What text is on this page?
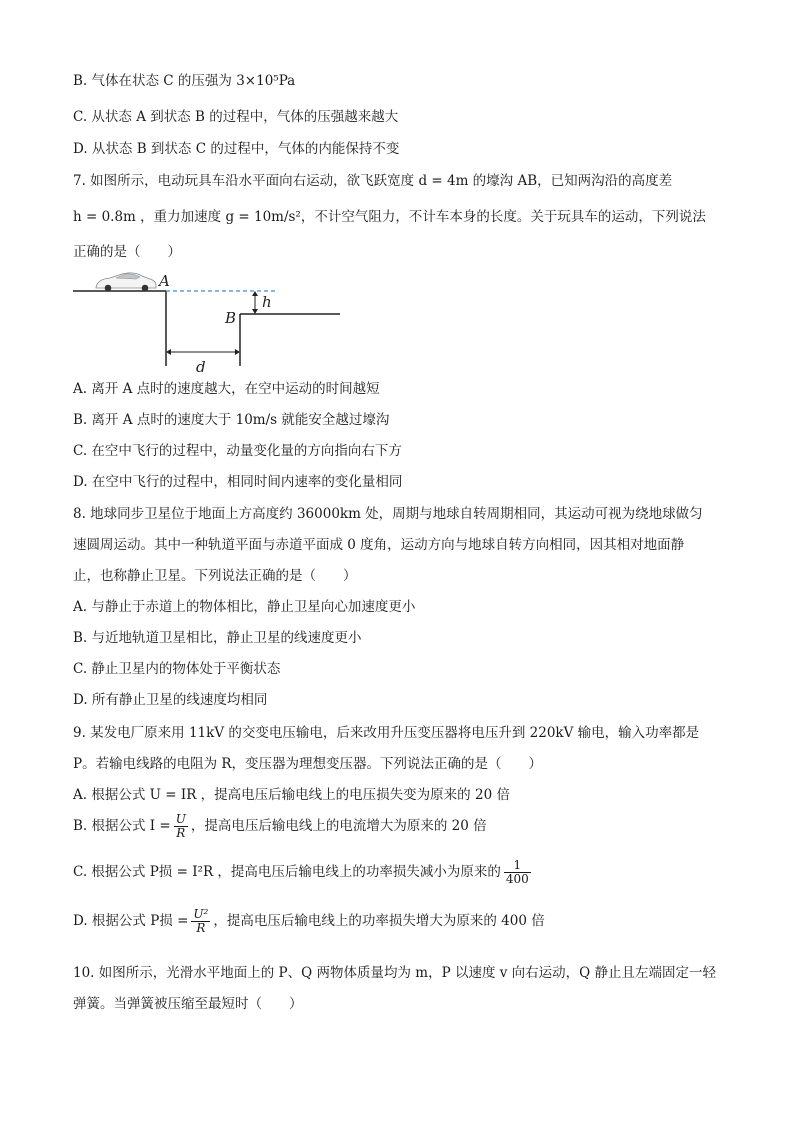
B. 气体在状态 C 的压强为 3×10⁵Pa
C. 从状态 A 到状态 B 的过程中，气体的压强越来越大
D. 从状态 B 到状态 C 的过程中，气体的内能保持不变
7. 如图所示，电动玩具车沿水平面向右运动，欲飞跃宽度 d = 4m 的壕沟 AB，已知两沟沿的高度差
h = 0.8m ，重力加速度 g = 10m/s²，不计空气阻力，不计车本身的长度。关于玩具车的运动，下列说法
正确的是（　　）
A
B
h
d
A. 离开 A 点时的速度越大，在空中运动的时间越短
B. 离开 A 点时的速度大于 10m/s 就能安全越过壕沟
C. 在空中飞行的过程中，动量变化量的方向指向右下方
D. 在空中飞行的过程中，相同时间内速率的变化量相同
8. 地球同步卫星位于地面上方高度约 36000km 处，周期与地球自转周期相同，其运动可视为绕地球做匀
速圆周运动。其中一种轨道平面与赤道平面成 0 度角，运动方向与地球自转方向相同，因其相对地面静
止，也称静止卫星。下列说法正确的是（　　）
A. 与静止于赤道上的物体相比，静止卫星向心加速度更小
B. 与近地轨道卫星相比，静止卫星的线速度更小
C. 静止卫星内的物体处于平衡状态
D. 所有静止卫星的线速度均相同
9. 某发电厂原来用 11kV 的交变电压输电，后来改用升压变压器将电压升到 220kV 输电，输入功率都是
P。若输电线路的电阻为 R，变压器为理想变压器。下列说法正确的是（　　）
A. 根据公式 U = IR ，提高电压后输电线上的电压损失变为原来的 20 倍
B. 根据公式 $I = \frac{U}{R}$ ，提高电压后输电线上的电流增大为原来的 20 倍
C. 根据公式 P损 = I²R ，提高电压后输电线上的功率损失减小为原来的 $\frac{1}{400}$
D. 根据公式 P损 = $\frac{\text{U²}}{R}$ ，提高电压后输电线上的功率损失增大为原来的 400 倍
10. 如图所示，光滑水平地面上的 P、Q 两物体质量均为 m，P 以速度 v 向右运动，Q 静止且左端固定一轻
弹簧。当弹簧被压缩至最短时（　　）
